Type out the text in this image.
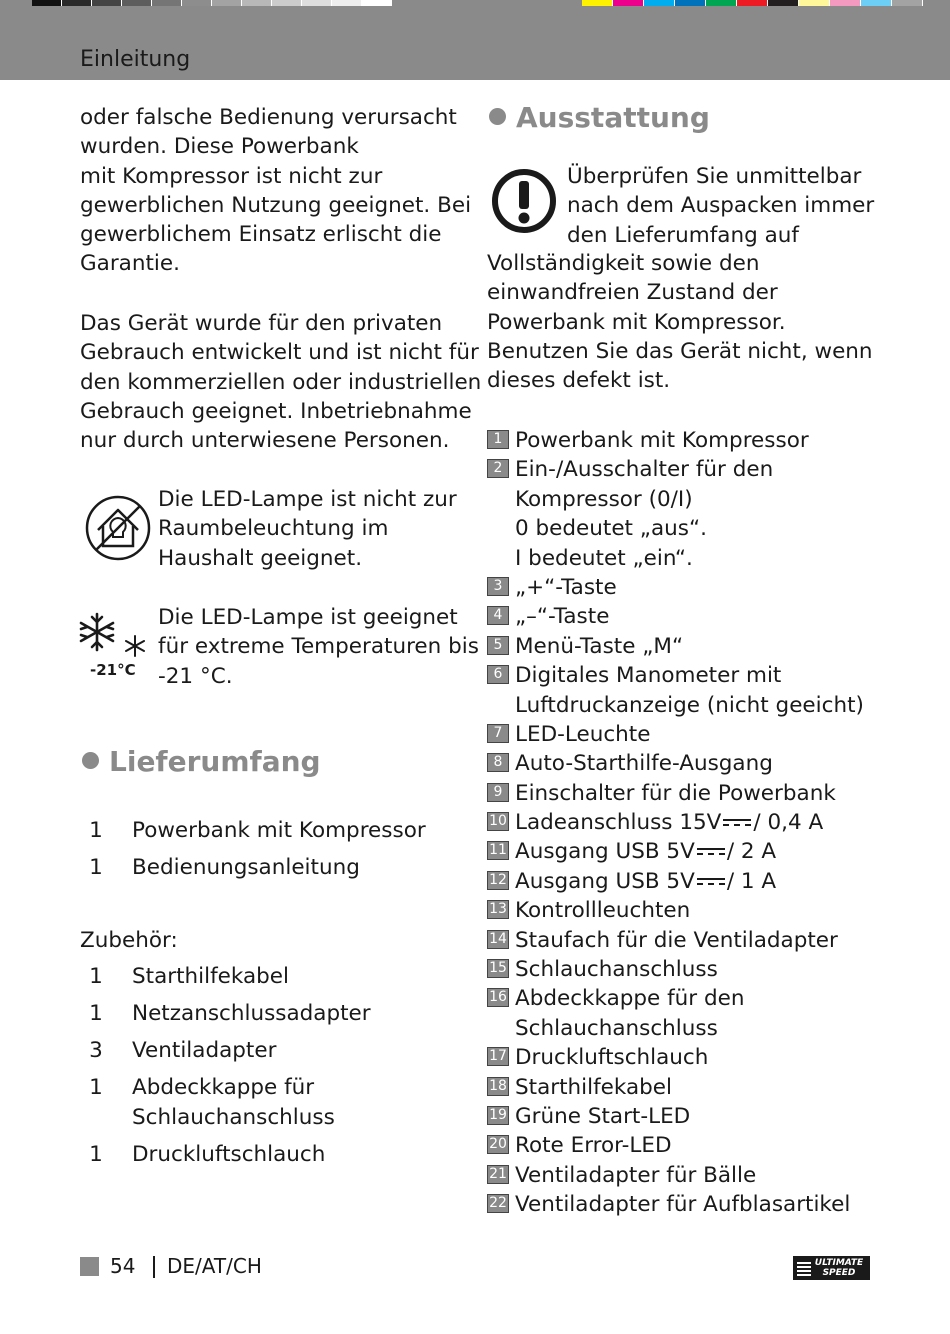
Einleitung
oder falsche Bedienung verursacht
wurden. Diese Powerbank
mit Kompressor ist nicht zur
gewerblichen Nutzung geeignet. Bei
gewerblichem Einsatz erlischt die
Garantie.
Das Gerät wurde für den privaten
Gebrauch entwickelt und ist nicht für
den kommerziellen oder industriellen
Gebrauch geeignet. Inbetriebnahme
nur durch unterwiesene Personen.
Die LED-Lampe ist nicht zur
Raumbeleuchtung im
Haushalt geeignet.
-21°C
Die LED-Lampe ist geeignet
für extreme Temperaturen bis
-21 °C.
Lieferumfang
1 Powerbank mit Kompressor
1 Bedienungsanleitung
Zubehör:
1 Starthilfekabel
1 Netzanschlussadapter
3 Ventiladapter
1 Abdeckkappe für
Schlauchanschluss
1 Druckluftschlauch
Ausstattung
Überprüfen Sie unmittelbar
nach dem Auspacken immer
den Lieferumfang auf
Vollständigkeit sowie den
einwandfreien Zustand der
Powerbank mit Kompressor.
Benutzen Sie das Gerät nicht, wenn
dieses defekt ist.
1 Powerbank mit Kompressor
2 Ein-/Ausschalter für den
Kompressor (0/I)
0 bedeutet „aus“.
I bedeutet „ein“.
3 „+“-Taste
4 „–“-Taste
5 Menü-Taste „M“
6 Digitales Manometer mit
Luftdruckanzeige (nicht geeicht)
7 LED-Leuchte
8 Auto-Starthilfe-Ausgang
9 Einschalter für die Powerbank
10 Ladeanschluss 15V / 0,4 A
11 Ausgang USB 5V / 2 A
12 Ausgang USB 5V / 1 A
13 Kontrollleuchten
14 Staufach für die Ventiladapter
15 Schlauchanschluss
16 Abdeckkappe für den
Schlauchanschluss
17 Druckluftschlauch
18 Starthilfekabel
19 Grüne Start-LED
20 Rote Error-LED
21 Ventiladapter für Bälle
22 Ventiladapter für Aufblasartikel
54 DE/AT/CH	ULTIMATE
SPEED
